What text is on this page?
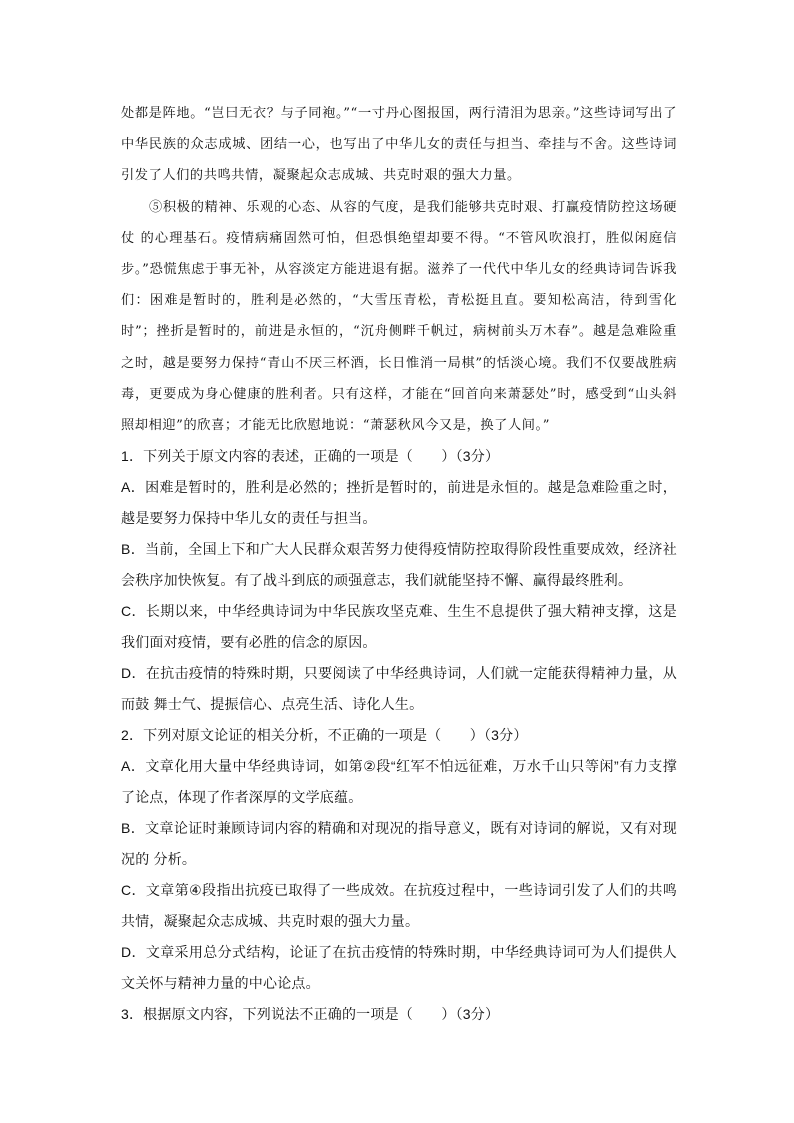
处都是阵地。“岂曰无衣？与子同袍。”“一寸丹心图报国，两行清泪为思亲。”这些诗词写出了中华民族的众志成城、团结一心，也写出了中华儿女的责任与担当、牵挂与不舍。这些诗词引发了人们的共鸣共情，凝聚起众志成城、共克时艰的强大力量。

⑤积极的精神、乐观的心态、从容的气度，是我们能够共克时艰、打赢疫情防控这场硬仗 的心理基石。疫情病痛固然可怕，但恐惧绝望却要不得。“不管风吹浪打，胜似闲庭信步。”恐慌焦虑于事无补，从容淡定方能进退有据。滋养了一代代中华儿女的经典诗词告诉我们：困难是暂时的，胜利是必然的，“大雪压青松，青松挺且直。要知松高洁，待到雪化时”；挫折是暂时的，前进是永恒的，“沉舟侧畔千帆过，病树前头万木春”。越是急难险重之时，越是要努力保持“青山不厌三杯酒，长日惟消一局棋”的恬淡心境。我们不仅要战胜病毒，更要成为身心健康的胜利者。只有这样，才能在“回首向来萧瑟处”时，感受到“山头斜照却相迎”的欣喜；才能无比欣慰地说：“萧瑟秋风今又是，换了人间。”

1．下列关于原文内容的表述，正确的一项是（　　）（3分）
A．困难是暂时的，胜利是必然的；挫折是暂时的，前进是永恒的。越是急难险重之时，越是要努力保持中华儿女的责任与担当。
B．当前，全国上下和广大人民群众艰苦努力使得疫情防控取得阶段性重要成效，经济社会秩序加快恢复。有了战斗到底的顽强意志，我们就能坚持不懈、赢得最终胜利。
C．长期以来，中华经典诗词为中华民族攻坚克难、生生不息提供了强大精神支撑，这是我们面对疫情，要有必胜的信念的原因。
D．在抗击疫情的特殊时期，只要阅读了中华经典诗词，人们就一定能获得精神力量，从而鼓 舞士气、提振信心、点亮生活、诗化人生。
2．下列对原文论证的相关分析，不正确的一项是（　　）（3分）
A．文章化用大量中华经典诗词，如第②段“红军不怕远征难，万水千山只等闲”有力支撑了论点，体现了作者深厚的文学底蕴。
B．文章论证时兼顾诗词内容的精确和对现况的指导意义，既有对诗词的解说，又有对现况的 分析。
C．文章第④段指出抗疫已取得了一些成效。在抗疫过程中，一些诗词引发了人们的共鸣共情，凝聚起众志成城、共克时艰的强大力量。
D．文章采用总分式结构，论证了在抗击疫情的特殊时期，中华经典诗词可为人们提供人文关怀与精神力量的中心论点。
3．根据原文内容，下列说法不正确的一项是（　　）（3分）
